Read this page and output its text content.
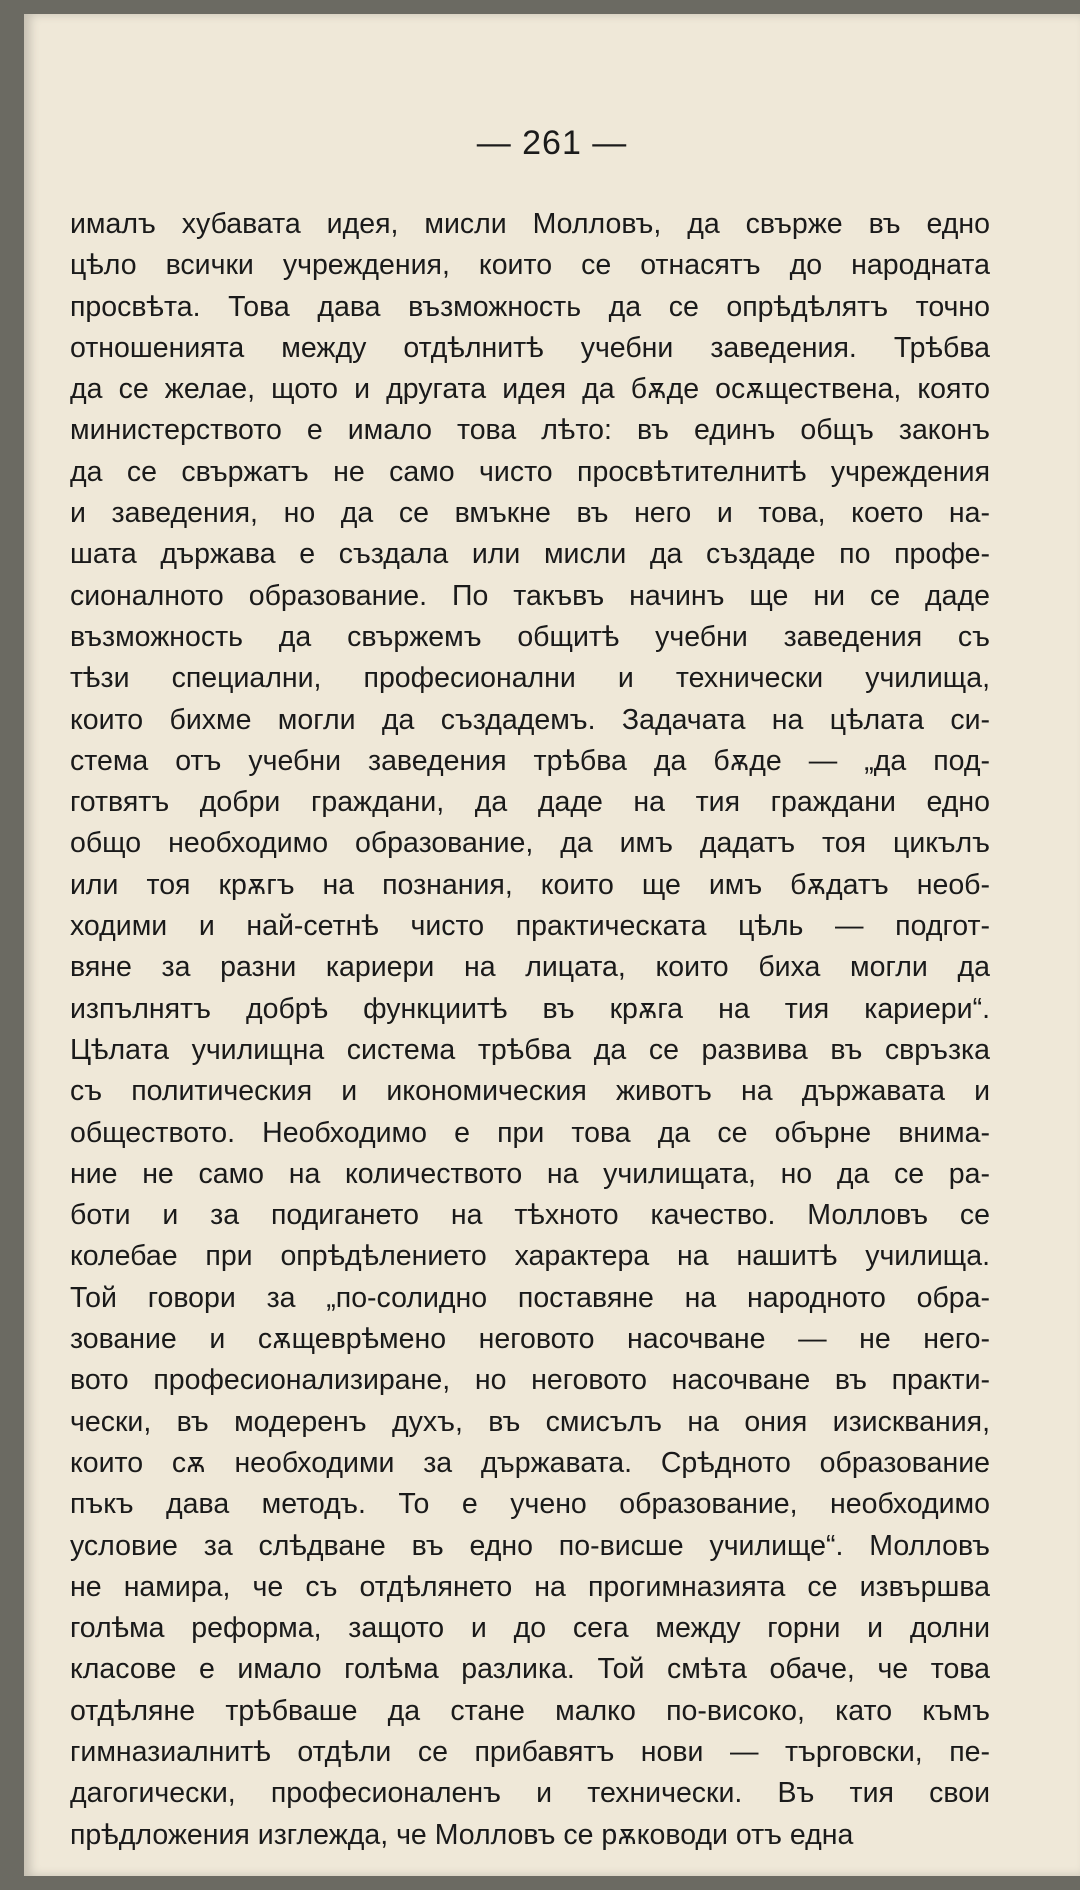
— 261 —
ималъ хубавата идея, мисли Молловъ, да свърже въ едно
цѣло всички учреждения, които се отнасятъ до народната
просвѣта. Това дава възможность да се опрѣдѣлятъ точно
отношенията между отдѣлнитѣ учебни заведения. Трѣбва
да се желае, щото и другата идея да бѫде осѫществена, която
министерството е имало това лѣто: въ единъ общъ законъ
да се свържатъ не само чисто просвѣтителнитѣ учреждения
и заведения, но да се вмъкне въ него и това, което на-
шата държава е създала или мисли да създаде по профе-
сионалното образование. По такъвъ начинъ ще ни се даде
възможность да свържемъ общитѣ учебни заведения съ
тѣзи специални, професионални и технически училища,
които бихме могли да създадемъ. Задачата на цѣлата си-
стема отъ учебни заведения трѣбва да бѫде — „да под-
готвятъ добри граждани, да даде на тия граждани едно
общо необходимо образование, да имъ дадатъ тоя цикълъ
или тоя крѫгъ на познания, които ще имъ бѫдатъ необ-
ходими и най-сетнѣ чисто практическата цѣль — подгот-
вяне за разни кариери на лицата, които биха могли да
изпълнятъ добрѣ функциитѣ въ крѫга на тия кариери“.
Цѣлата училищна система трѣбва да се развива въ свръзка
съ политическия и икономическия животъ на държавата и
обществото. Необходимо е при това да се обърне внима-
ние не само на количеството на училищата, но да се ра-
боти и за подигането на тѣхното качество. Молловъ се
колебае при опрѣдѣлението характера на нашитѣ училища.
Той говори за „по-солидно поставяне на народното обра-
зование и сѫщеврѣмено неговото насочване — не него-
вото професионализиране, но неговото насочване въ практи-
чески, въ модеренъ духъ, въ смисълъ на ония изисквания,
които сѫ необходими за държавата. Срѣдното образование
пъкъ дава методъ. То е учено образование, необходимо
условие за слѣдване въ едно по-висше училище“. Молловъ
не намира, че съ отдѣлянето на прогимназията се извършва
голѣма реформа, защото и до сега между горни и долни
класове е имало голѣма разлика. Той смѣта обаче, че това
отдѣляне трѣбваше да стане малко по-високо, като къмъ
гимназиалнитѣ отдѣли се прибавятъ нови — търговски, пе-
дагогически, професионаленъ и технически. Въ тия свои
прѣдложения изглежда, че Молловъ се рѫководи отъ една
